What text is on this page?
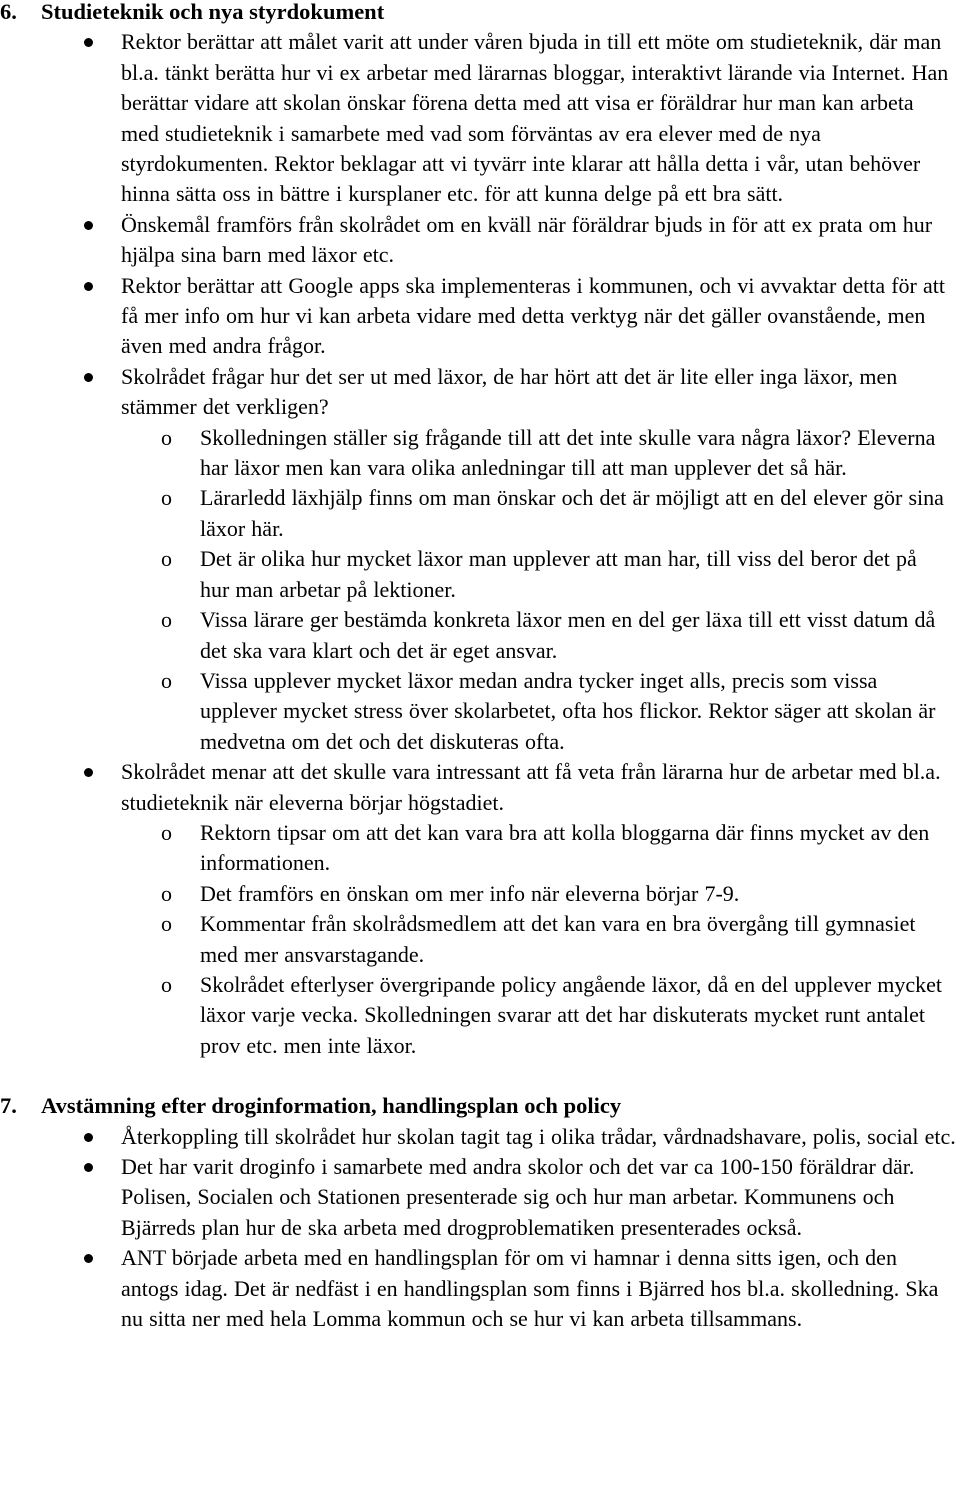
6. Studieteknik och nya styrdokument
Rektor berättar att målet varit att under våren bjuda in till ett möte om studieteknik, där man bl.a. tänkt berätta hur vi ex arbetar med lärarnas bloggar, interaktivt lärande via Internet. Han berättar vidare att skolan önskar förena detta med att visa er föräldrar hur man kan arbeta med studieteknik i samarbete med vad som förväntas av era elever med de nya styrdokumenten. Rektor beklagar att vi tyvärr inte klarar att hålla detta i vår, utan behöver hinna sätta oss in bättre i kursplaner etc. för att kunna delge på ett bra sätt.
Önskemål framförs från skolrådet om en kväll när föräldrar bjuds in för att ex prata om hur hjälpa sina barn med läxor etc.
Rektor berättar att Google apps ska implementeras i kommunen, och vi avvaktar detta för att få mer info om hur vi kan arbeta vidare med detta verktyg när det gäller ovanstående, men även med andra frågor.
Skolrådet frågar hur det ser ut med läxor, de har hört att det är lite eller inga läxor, men stämmer det verkligen?
o Skolledningen ställer sig frågande till att det inte skulle vara några läxor? Eleverna har läxor men kan vara olika anledningar till att man upplever det så här.
o Lärarledd läxhjälp finns om man önskar och det är möjligt att en del elever gör sina läxor här.
o Det är olika hur mycket läxor man upplever att man har, till viss del beror det på hur man arbetar på lektioner.
o Vissa lärare ger bestämda konkreta läxor men en del ger läxa till ett visst datum då det ska vara klart och det är eget ansvar.
o Vissa upplever mycket läxor medan andra tycker inget alls, precis som vissa upplever mycket stress över skolarbetet, ofta hos flickor. Rektor säger att skolan är medvetna om det och det diskuteras ofta.
Skolrådet menar att det skulle vara intressant att få veta från lärarna hur de arbetar med bl.a. studieteknik när eleverna börjar högstadiet.
o Rektorn tipsar om att det kan vara bra att kolla bloggarna där finns mycket av den informationen.
o Det framförs en önskan om mer info när eleverna börjar 7-9.
o Kommentar från skolrådsmedlem att det kan vara en bra övergång till gymnasiet med mer ansvarstagande.
o Skolrådet efterlyser övergripande policy angående läxor, då en del upplever mycket läxor varje vecka. Skolledningen svarar att det har diskuterats mycket runt antalet prov etc. men inte läxor.
7. Avstämning efter droginformation, handlingsplan och policy
Återkoppling till skolrådet hur skolan tagit tag i olika trådar, vårdnadshavare, polis, social etc.
Det har varit droginfo i samarbete med andra skolor och det var ca 100-150 föräldrar där. Polisen, Socialen och Stationen presenterade sig och hur man arbetar. Kommunens och Bjärreds plan hur de ska arbeta med drogproblematiken presenterades också.
ANT började arbeta med en handlingsplan för om vi hamnar i denna sitts igen, och den antogs idag. Det är nedfäst i en handlingsplan som finns i Bjärred hos bl.a. skolledning. Ska nu sitta ner med hela Lomma kommun och se hur vi kan arbeta tillsammans.
